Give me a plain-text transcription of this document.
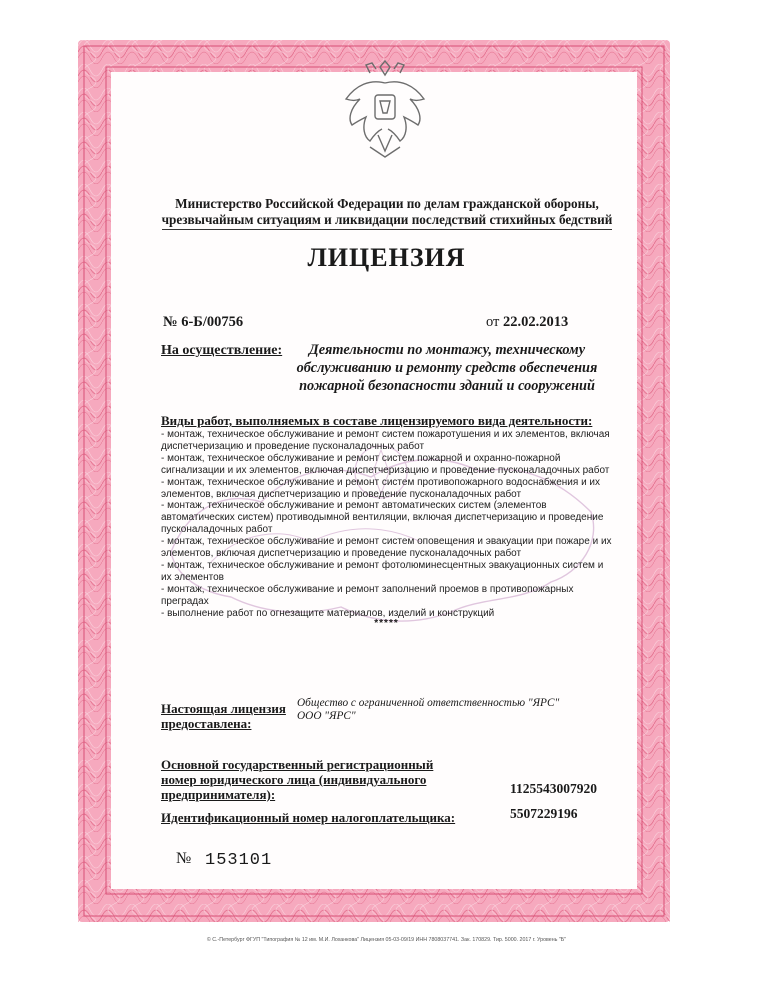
Министерство Российской Федерации по делам гражданской обороны,
чрезвычайным ситуациям и ликвидации последствий стихийных бедствий
ЛИЦЕНЗИЯ
№ 6-Б/00756	от 22.02.2013
На осуществление:	Деятельности по монтажу, техническому обслуживанию и ремонту средств обеспечения пожарной безопасности зданий и сооружений
Виды работ, выполняемых в составе лицензируемого вида деятельности:
- монтаж, техническое обслуживание и ремонт систем пожаротушения и их элементов, включая диспетчеризацию и проведение пусконаладочных работ
- монтаж, техническое обслуживание и ремонт систем пожарной и охранно-пожарной сигнализации и их элементов, включая диспетчеризацию и проведение пусконаладочных работ
- монтаж, техническое обслуживание и ремонт систем противопожарного водоснабжения и их элементов, включая диспетчеризацию и проведение пусконаладочных работ
- монтаж, техническое обслуживание и ремонт автоматических систем (элементов автоматических систем) противодымной вентиляции, включая диспетчеризацию и проведение пусконаладочных работ
- монтаж, техническое обслуживание и ремонт систем оповещения и эвакуации при пожаре и их элементов, включая диспетчеризацию и проведение пусконаладочных работ
- монтаж, техническое обслуживание и ремонт фотолюминесцентных эвакуационных систем и их элементов
- монтаж, техническое обслуживание и ремонт заполнений проемов в противопожарных преградах
- выполнение работ по огнезащите материалов, изделий и конструкций
*****
Настоящая лицензия
предоставлена:
Общество с ограниченной ответственностью "ЯРС"
ООО "ЯРС"
Основной государственный регистрационный
номер юридического лица (индивидуального
предпринимателя):	1125543007920
Идентификационный номер налогоплательщика:	5507229196
№ 153101
© С.-Петербург ФГУП "Типография № 12 им. М.И. Лоханкова" Лицензия 05-03-09/19 ИНН 7808037741. Зак. 170829. Тир. 5000. 2017 г. Уровень "Б"
